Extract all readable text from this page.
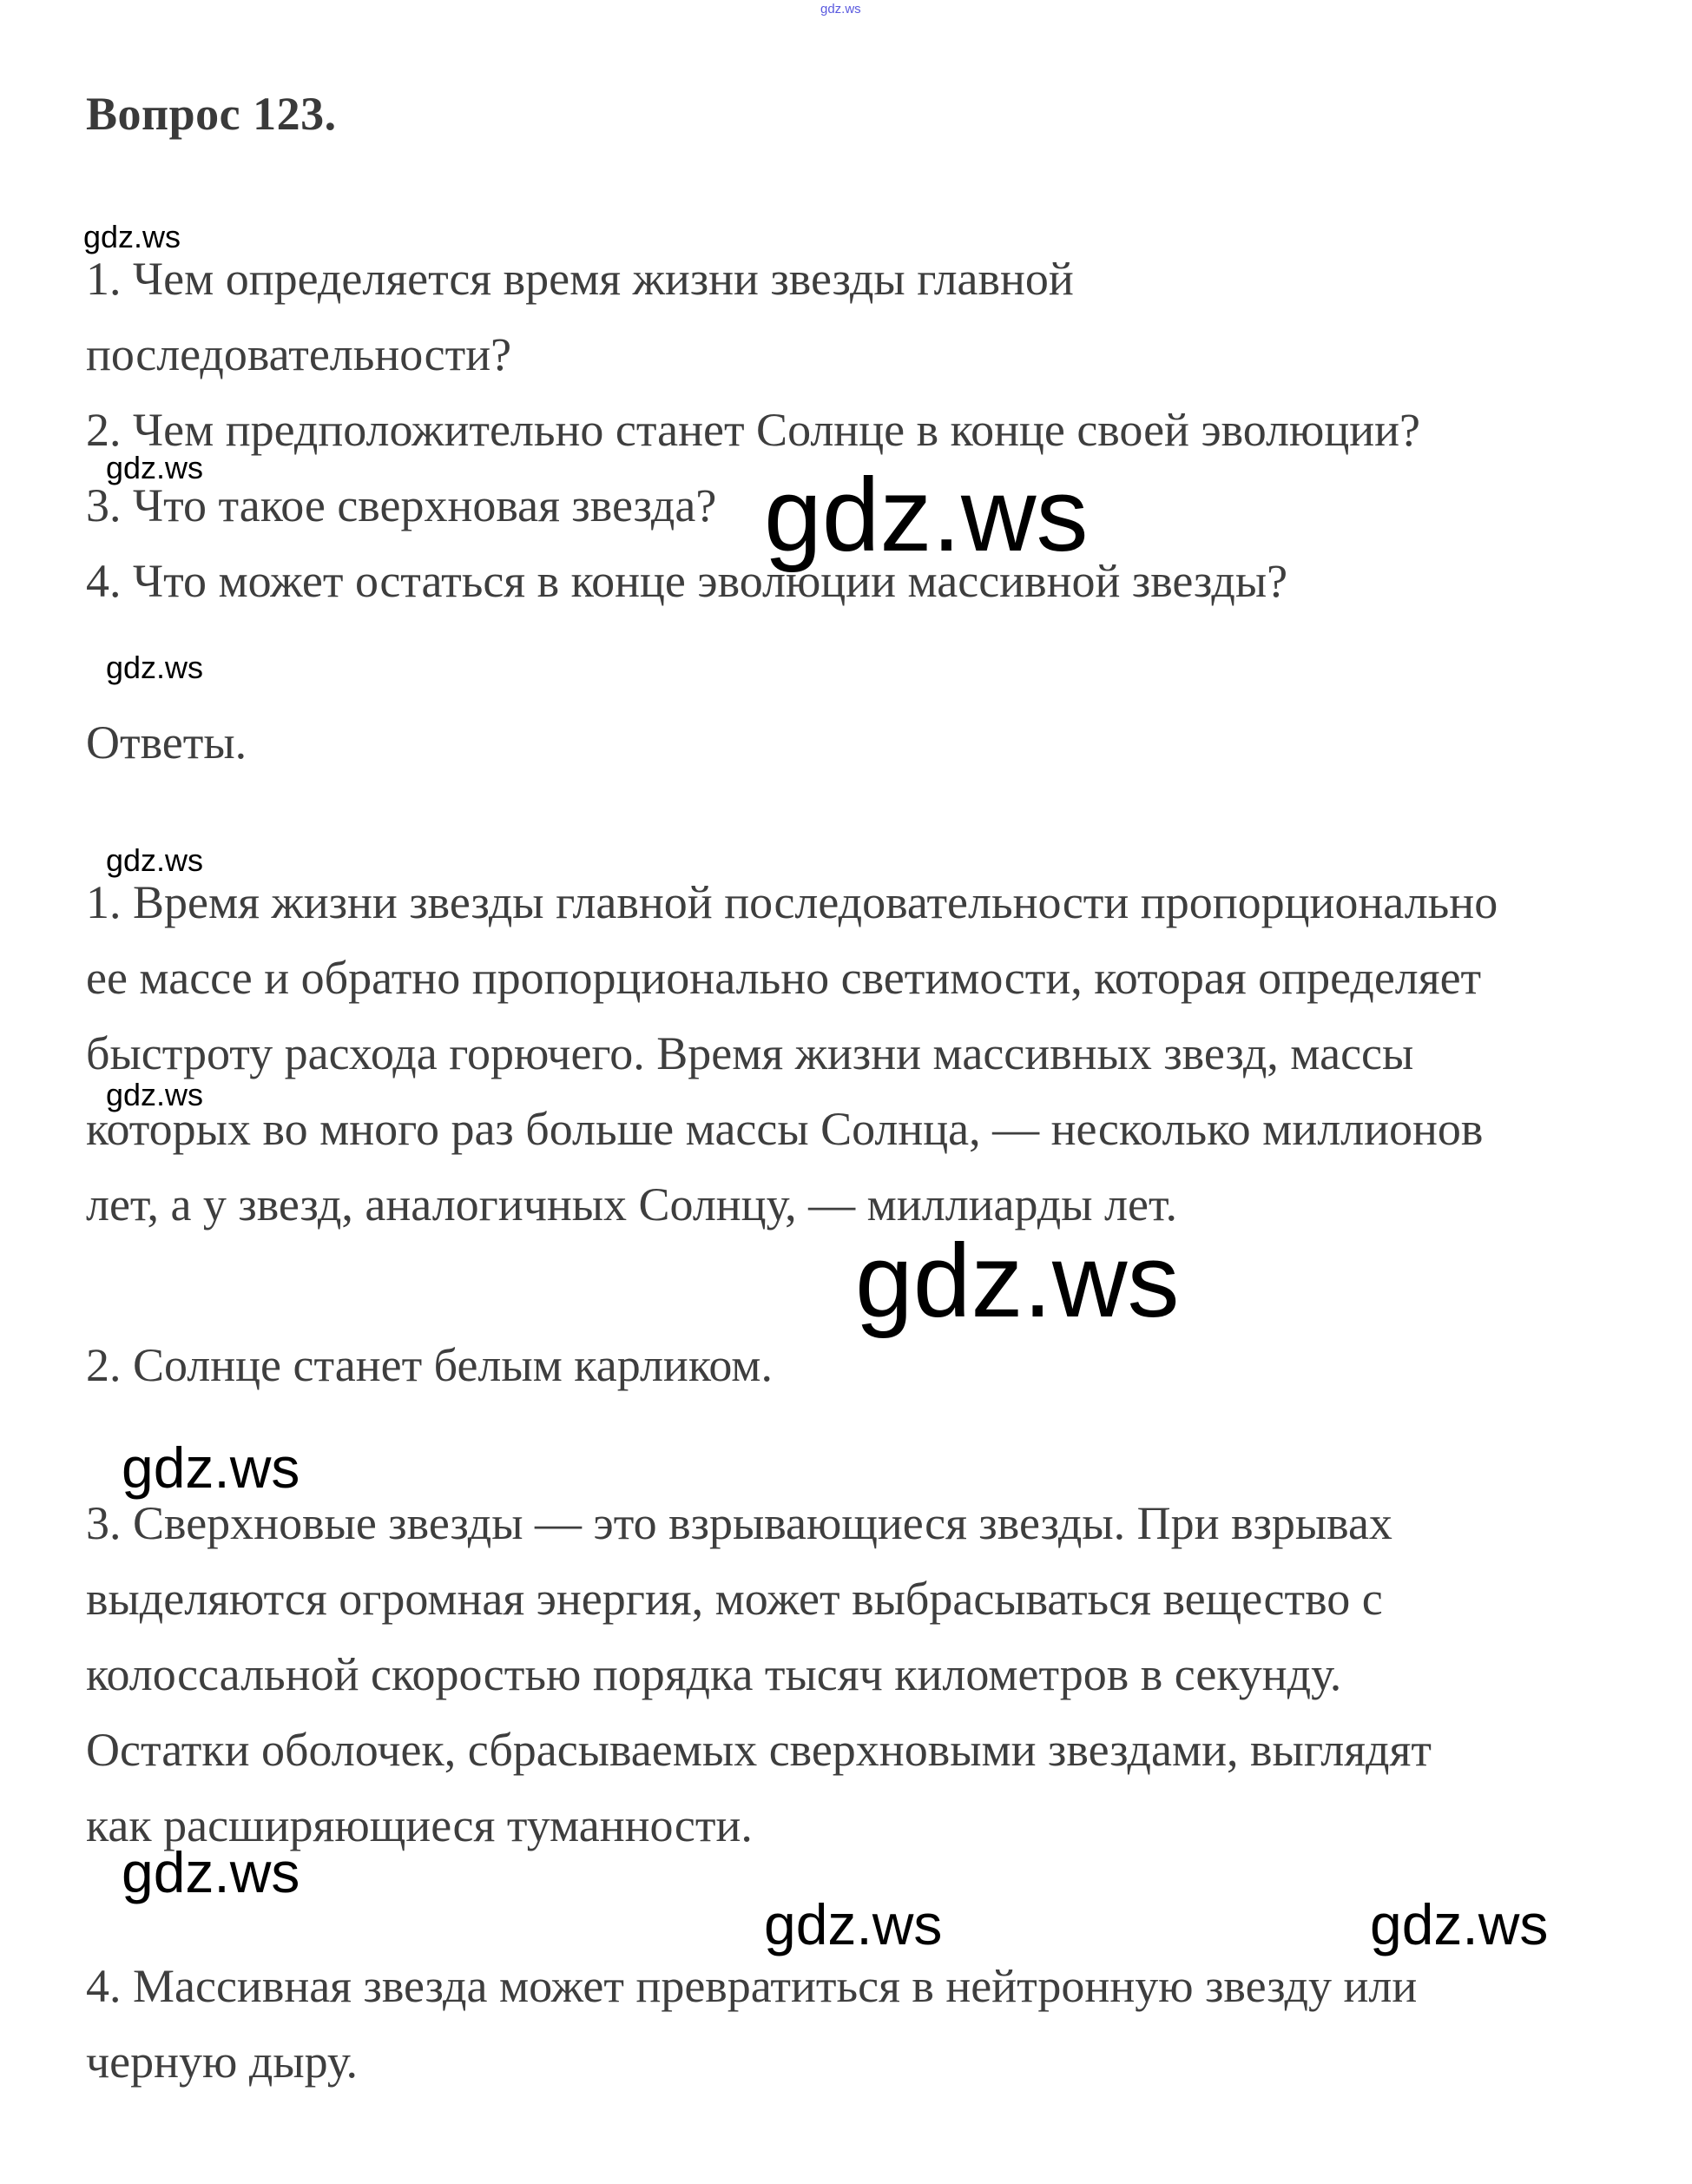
gdz.ws
Вопрос 123.
gdz.ws
1. Чем определяется время жизни звезды главной
последовательности?
2. Чем предположительно станет Солнце в конце своей эволюции?
gdz.ws
3. Что такое сверхновая звезда? gdz.ws
4. Что может остаться в конце эволюции массивной звезды?
gdz.ws
Ответы.
gdz.ws
1. Время жизни звезды главной последовательности пропорционально
ее массе и обратно пропорционально светимости, которая определяет
быстроту расхода горючего. Время жизни массивных звезд, массы
gdz.ws
которых во много раз больше массы Солнца, — несколько миллионов
лет, а у звезд, аналогичных Солнцу, — миллиарды лет.
gdz.ws
2. Солнце станет белым карликом.
gdz.ws
3. Сверхновые звезды — это взрывающиеся звезды. При взрывах
выделяются огромная энергия, может выбрасываться вещество с
колоссальной скоростью порядка тысяч километров в секунду.
Остатки оболочек, сбрасываемых сверхновыми звездами, выглядят
как расширяющиеся туманности.
gdz.ws
gdz.ws	gdz.ws
4. Массивная звезда может превратиться в нейтронную звезду или
черную дыру.
